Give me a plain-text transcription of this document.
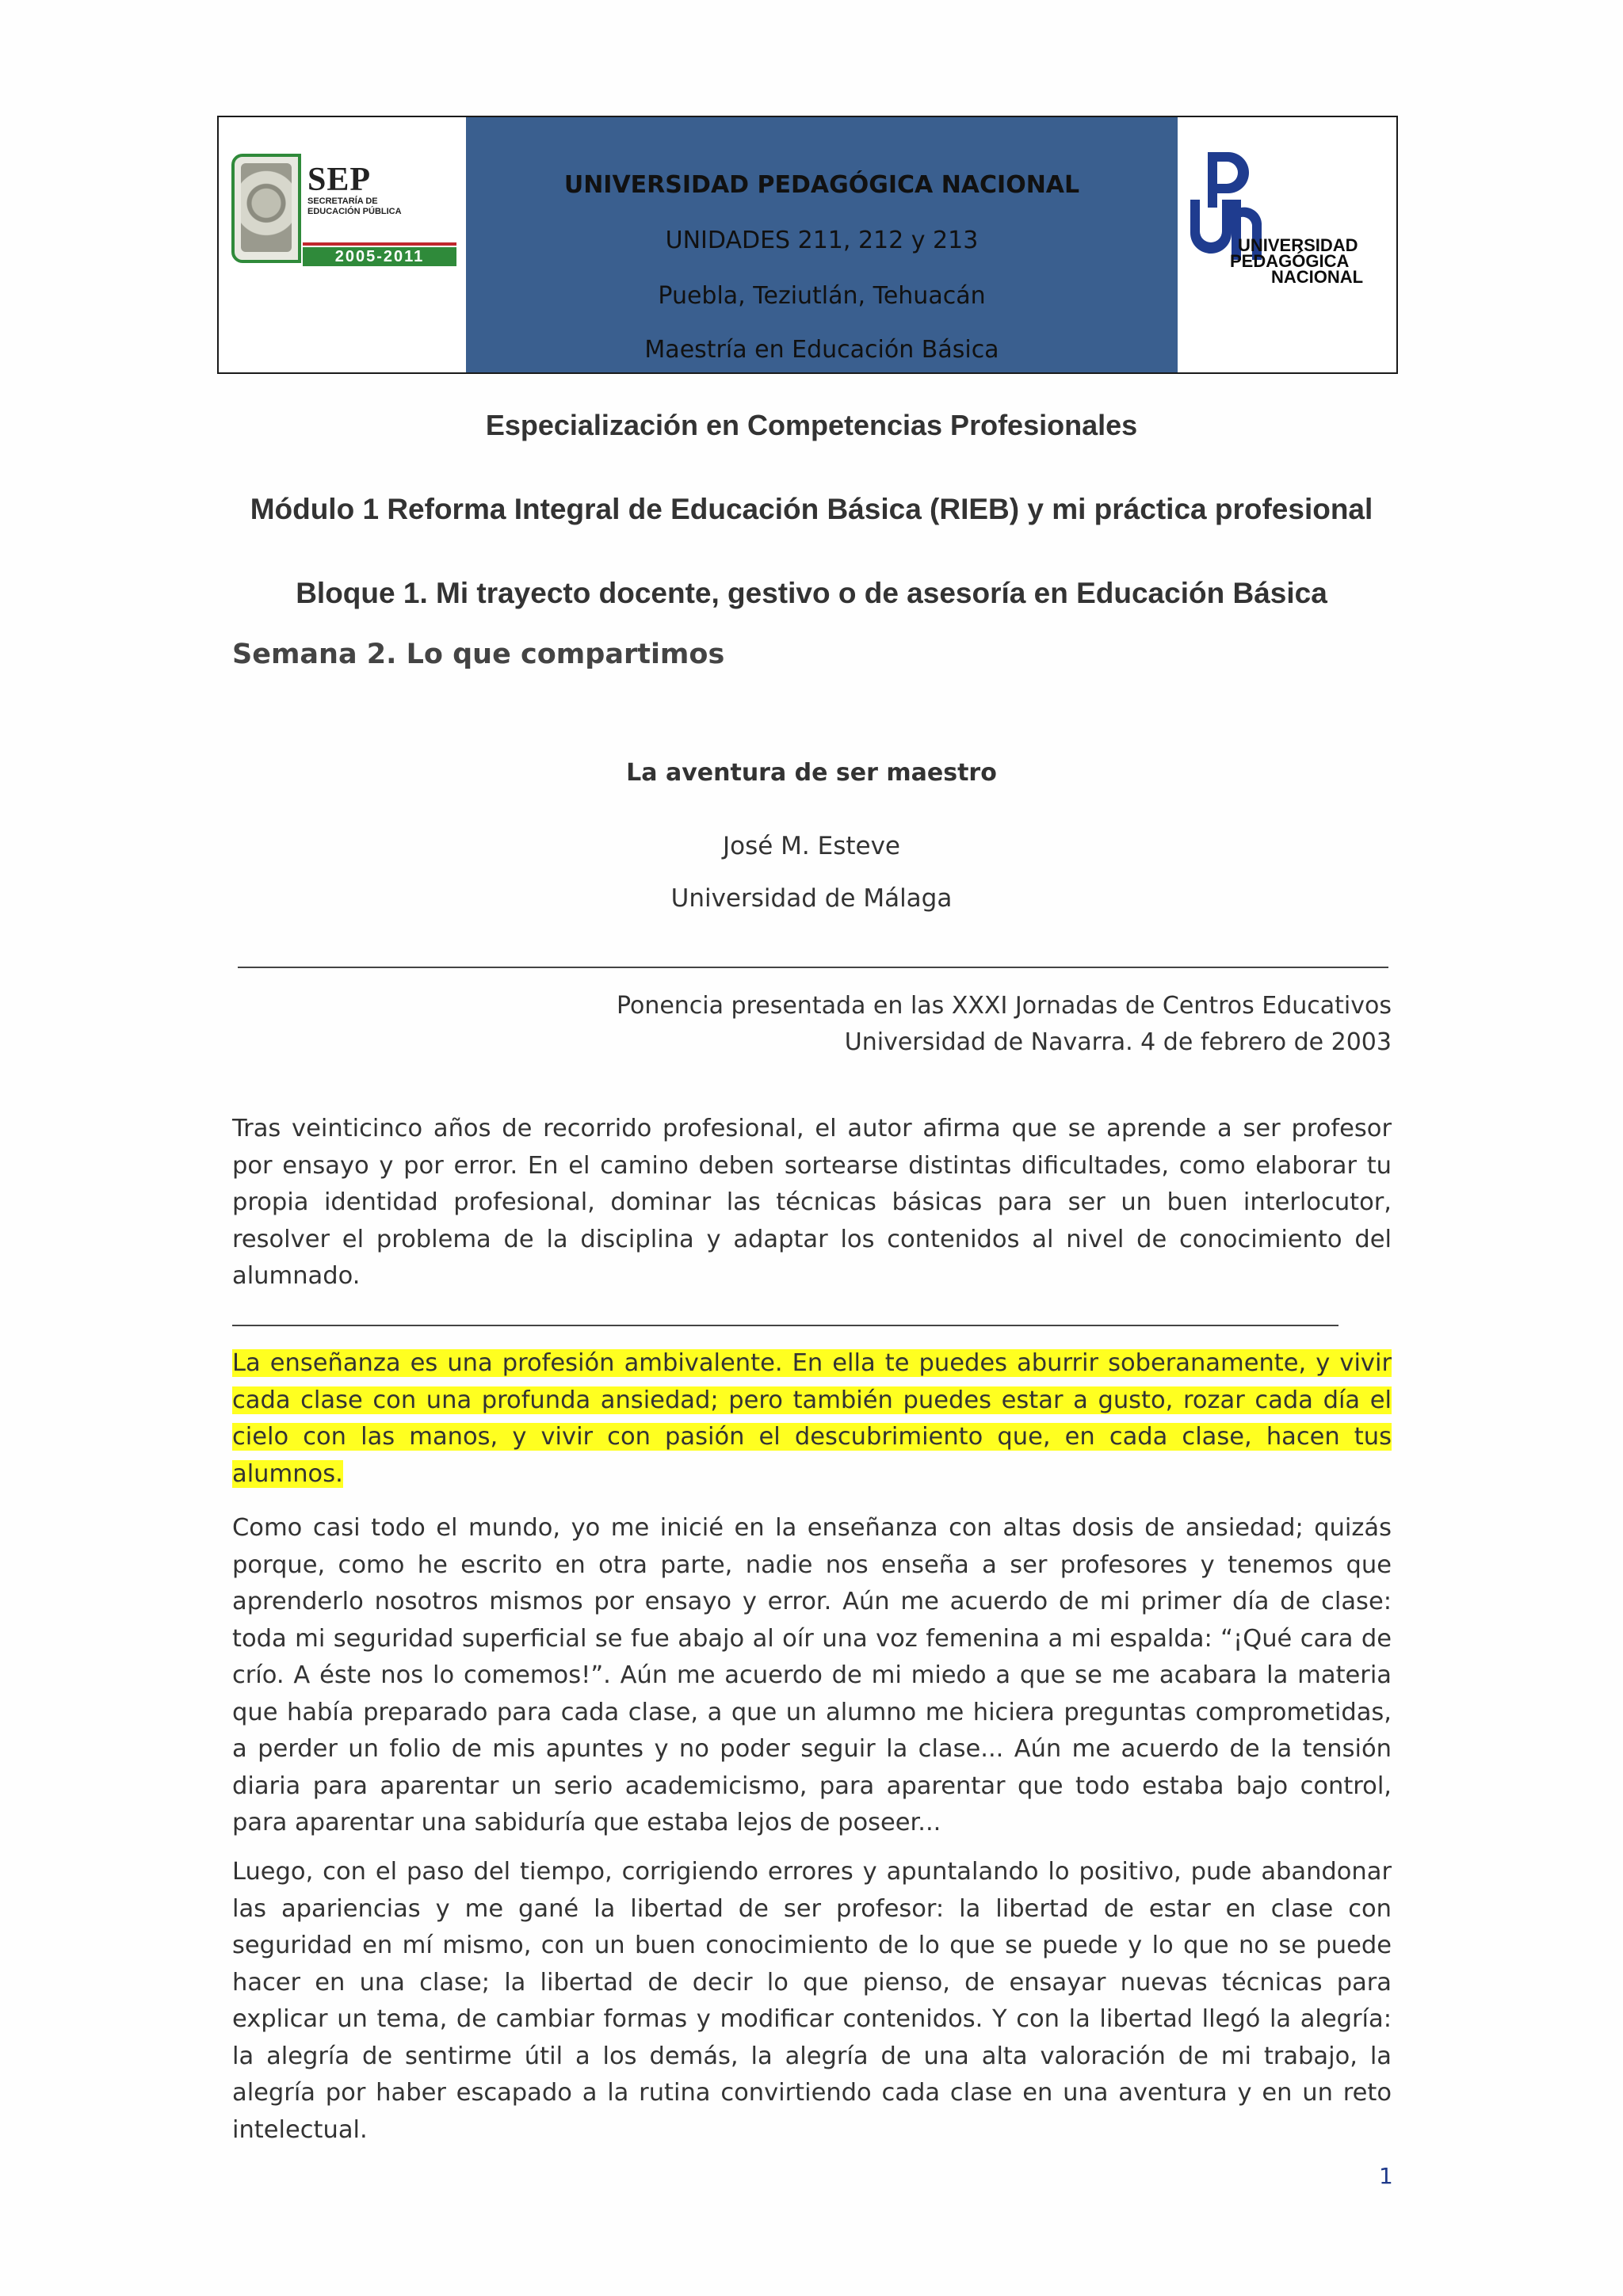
SEP
SECRETARÍA DE
EDUCACIÓN PÚBLICA
2005-2011
UNIVERSIDAD PEDAGÓGICA NACIONAL
UNIDADES 211, 212 y 213
Puebla, Teziutlán, Tehuacán
Maestría en Educación Básica
UNIVERSIDAD
PEDAGÓGICA
NACIONAL
Especialización en Competencias Profesionales
Módulo 1 Reforma Integral de Educación Básica (RIEB) y mi práctica profesional
Bloque 1. Mi trayecto docente, gestivo o de asesoría en Educación Básica
Semana 2. Lo que compartimos
La aventura de ser maestro
José M. Esteve
Universidad de Málaga
Ponencia presentada en las XXXI Jornadas de Centros Educativos
Universidad de Navarra. 4 de febrero de 2003
Tras veinticinco años de recorrido profesional, el autor afirma que se aprende a ser profesor por ensayo y por error. En el camino deben sortearse distintas dificultades, como elaborar tu propia identidad profesional, dominar las técnicas básicas para ser un buen interlocutor, resolver el problema de la disciplina y adaptar los contenidos al nivel de conocimiento del alumnado.
La enseñanza es una profesión ambivalente. En ella te puedes aburrir soberanamente, y vivir cada clase con una profunda ansiedad; pero también puedes estar a gusto, rozar cada día el cielo con las manos, y vivir con pasión el descubrimiento que, en cada clase, hacen tus alumnos.
Como casi todo el mundo, yo me inicié en la enseñanza con altas dosis de ansiedad; quizás porque, como he escrito en otra parte, nadie nos enseña a ser profesores y tenemos que aprenderlo nosotros mismos por ensayo y error. Aún me acuerdo de mi primer día de clase: toda mi seguridad superficial se fue abajo al oír una voz femenina a mi espalda: “¡Qué cara de crío. A éste nos lo comemos!”. Aún me acuerdo de mi miedo a que se me acabara la materia que había preparado para cada clase, a que un alumno me hiciera preguntas comprometidas, a perder un folio de mis apuntes y no poder seguir la clase... Aún me acuerdo de la tensión diaria para aparentar un serio academicismo, para aparentar que todo estaba bajo control, para aparentar una sabiduría que estaba lejos de poseer...
Luego, con el paso del tiempo, corrigiendo errores y apuntalando lo positivo, pude abandonar las apariencias y me gané la libertad de ser profesor: la libertad de estar en clase con seguridad en mí mismo, con un buen conocimiento de lo que se puede y lo que no se puede hacer en una clase; la libertad de decir lo que pienso, de ensayar nuevas técnicas para explicar un tema, de cambiar formas y modificar contenidos. Y con la libertad llegó la alegría: la alegría de sentirme útil a los demás, la alegría de una alta valoración de mi trabajo, la alegría por haber escapado a la rutina convirtiendo cada clase en una aventura y en un reto intelectual.
1
